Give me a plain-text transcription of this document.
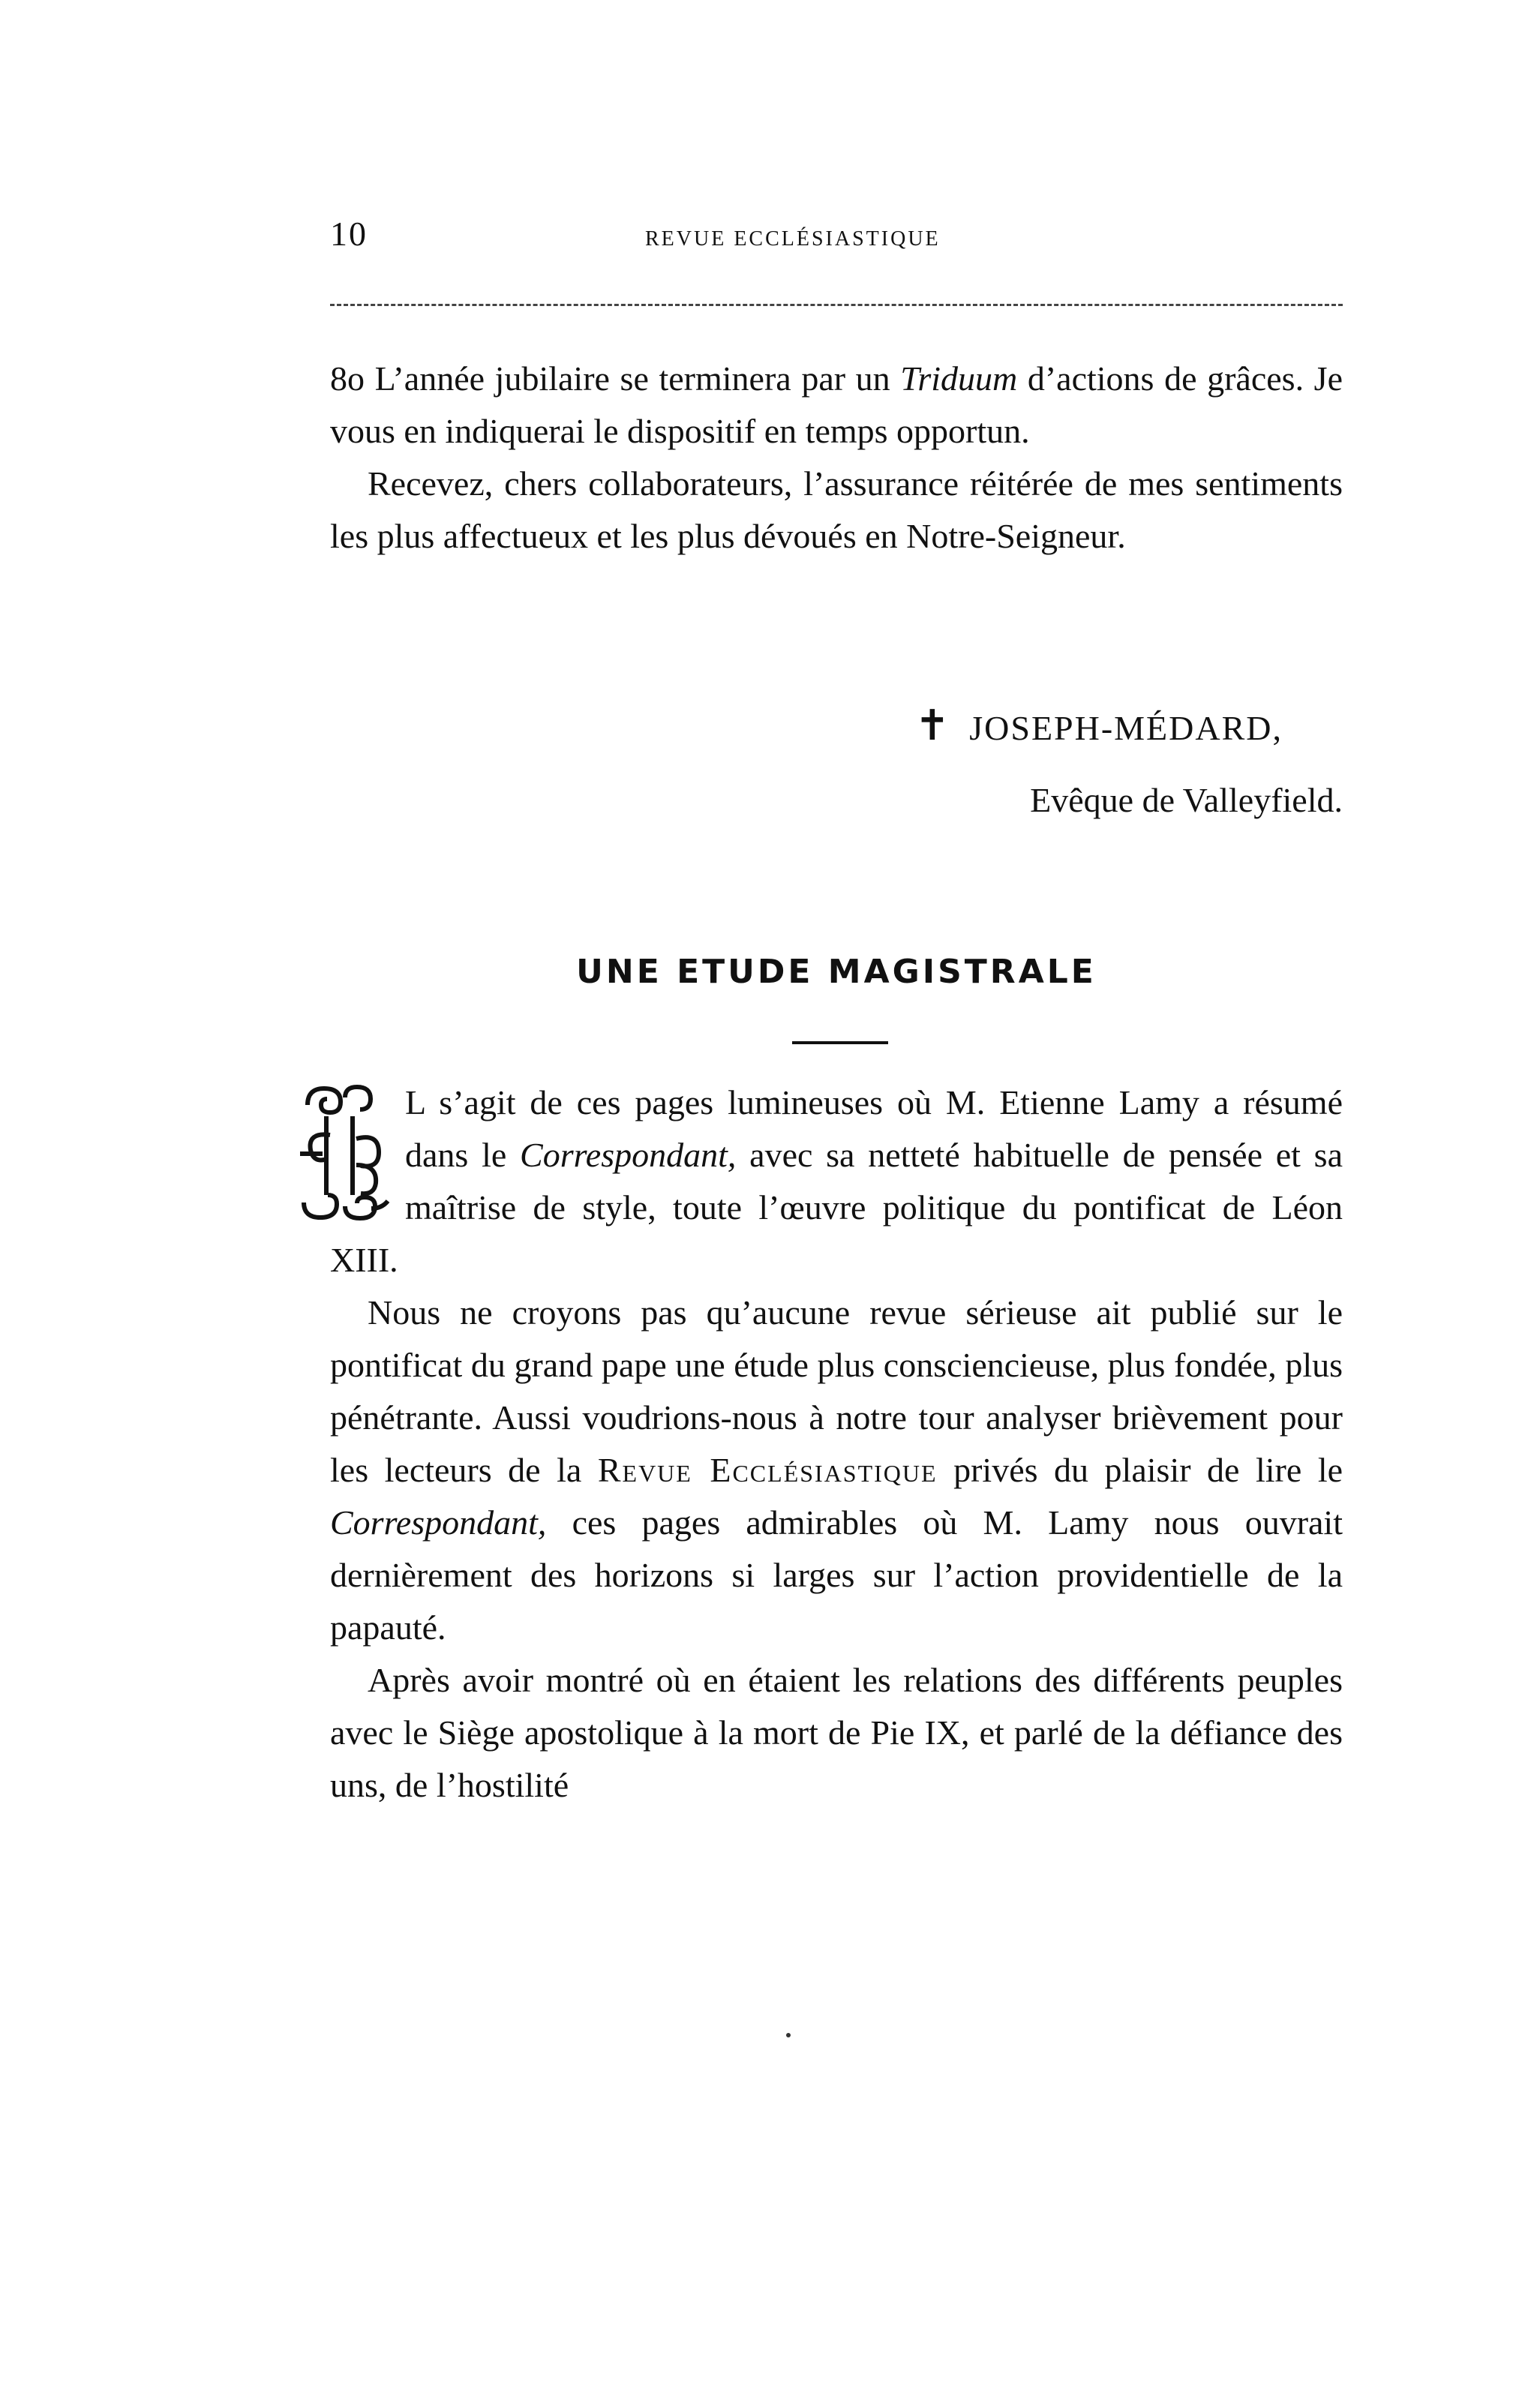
10	REVUE ECCLÉSIASTIQUE

8o L’année jubilaire se terminera par un Triduum d’actions de grâces. Je vous en indiquerai le dispositif en temps opportun.

Recevez, chers collaborateurs, l’assurance réitérée de mes sentiments les plus affectueux et les plus dévoués en Notre-Seigneur.

✝ JOSEPH-MÉDARD,
Evêque de Valleyfield.
UNE ETUDE MAGISTRALE

L s’agit de ces pages lumineuses où M. Etienne Lamy a résumé dans le Correspondant, avec sa netteté habituelle de pensée et sa maîtrise de style, toute l’œuvre politique du pontificat de Léon XIII.

Nous ne croyons pas qu’aucune revue sérieuse ait publié sur le pontificat du grand pape une étude plus consciencieuse, plus fondée, plus pénétrante. Aussi voudrions-nous à notre tour analyser brièvement pour les lecteurs de la Revue Ecclésiastique privés du plaisir de lire le Correspondant, ces pages admirables où M. Lamy nous ouvrait dernièrement des horizons si larges sur l’action providentielle de la papauté.

Après avoir montré où en étaient les relations des différents peuples avec le Siège apostolique à la mort de Pie IX, et parlé de la défiance des uns, de l’hostilité
